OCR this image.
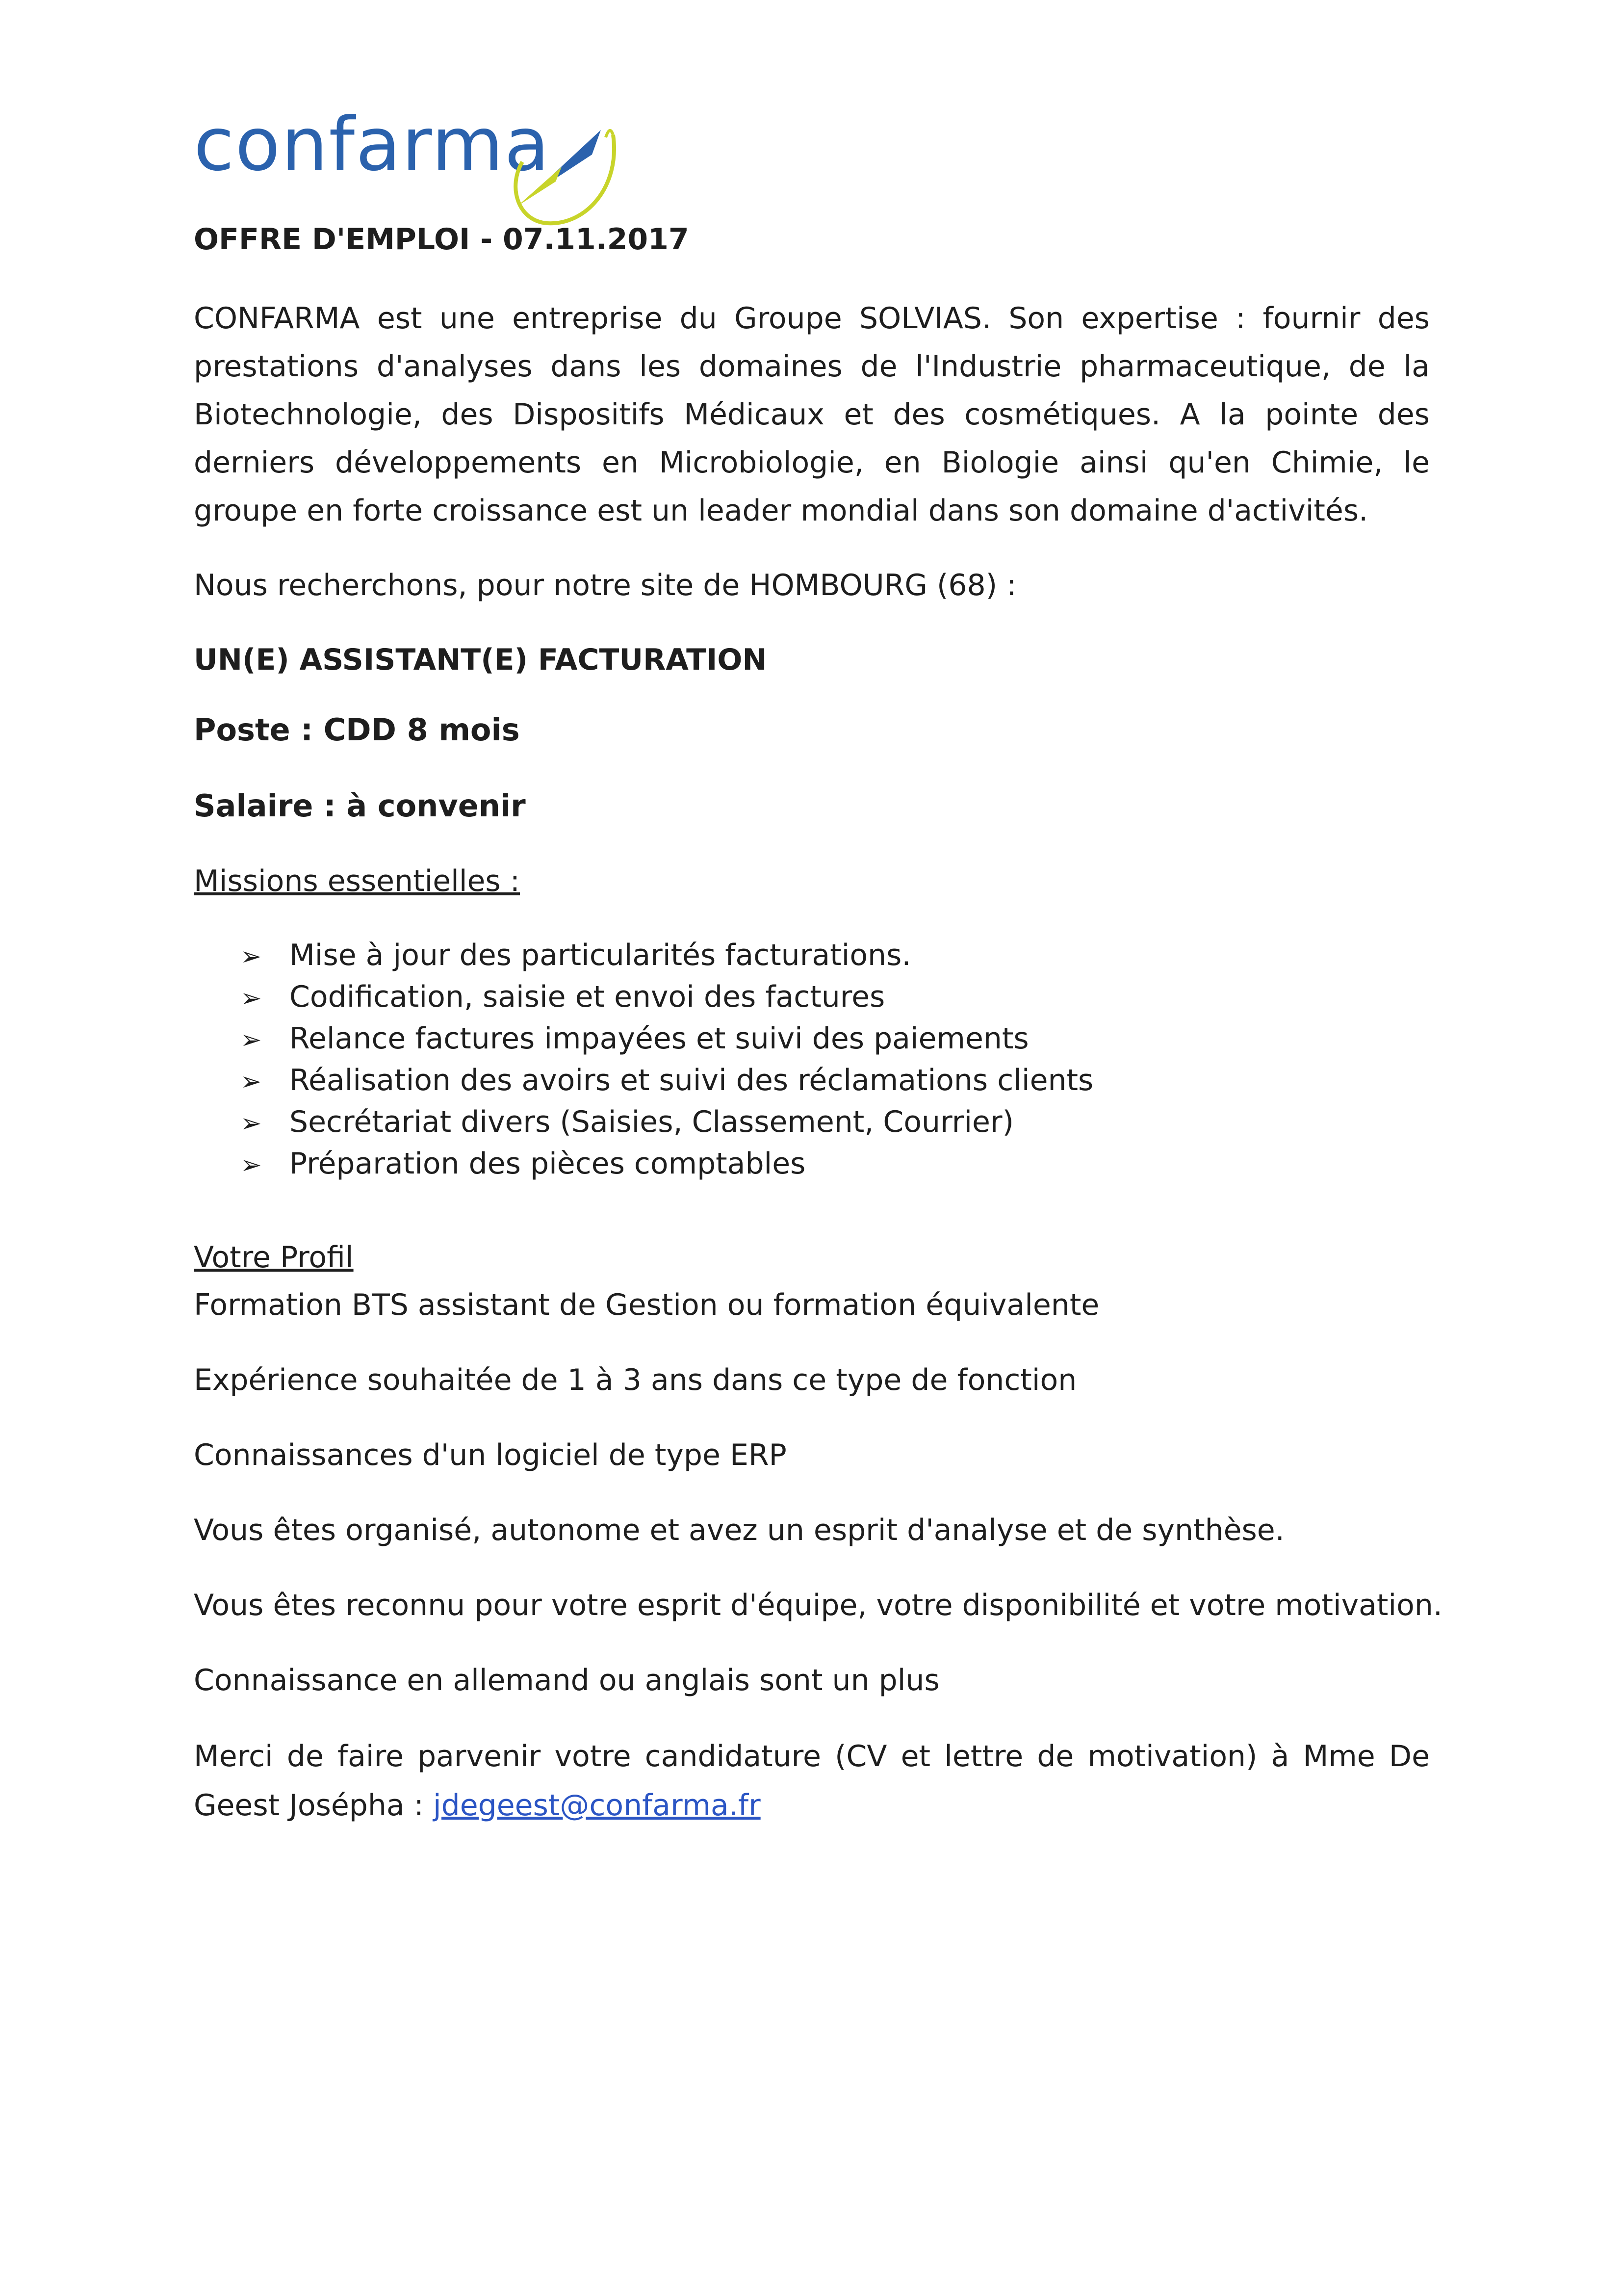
confarma
OFFRE D'EMPLOI - 07.11.2017
CONFARMA est une entreprise du Groupe SOLVIAS. Son expertise : fournir des prestations d'analyses dans les domaines de l'Industrie pharmaceutique, de la Biotechnologie, des Dispositifs Médicaux et des cosmétiques. A la pointe des derniers développements en Microbiologie, en Biologie ainsi qu'en Chimie, le groupe en forte croissance est un leader mondial dans son domaine d'activités.
Nous recherchons, pour notre site de HOMBOURG (68) :
UN(E) ASSISTANT(E) FACTURATION
Poste : CDD 8 mois
Salaire : à convenir
Missions essentielles :
➢ Mise à jour des particularités facturations.
➢ Codification, saisie et envoi des factures
➢ Relance factures impayées et suivi des paiements
➢ Réalisation des avoirs et suivi des réclamations clients
➢ Secrétariat divers (Saisies, Classement, Courrier)
➢ Préparation des pièces comptables
Votre Profil

Formation BTS assistant de Gestion ou formation équivalente

Expérience souhaitée de 1 à 3 ans dans ce type de fonction

Connaissances d'un logiciel de type ERP

Vous êtes organisé, autonome et avez un esprit d'analyse et de synthèse.

Vous êtes reconnu pour votre esprit d'équipe, votre disponibilité et votre motivation.

Connaissance en allemand ou anglais sont un plus

Merci de faire parvenir votre candidature (CV et lettre de motivation) à Mme De Geest Josépha : jdegeest@confarma.fr
